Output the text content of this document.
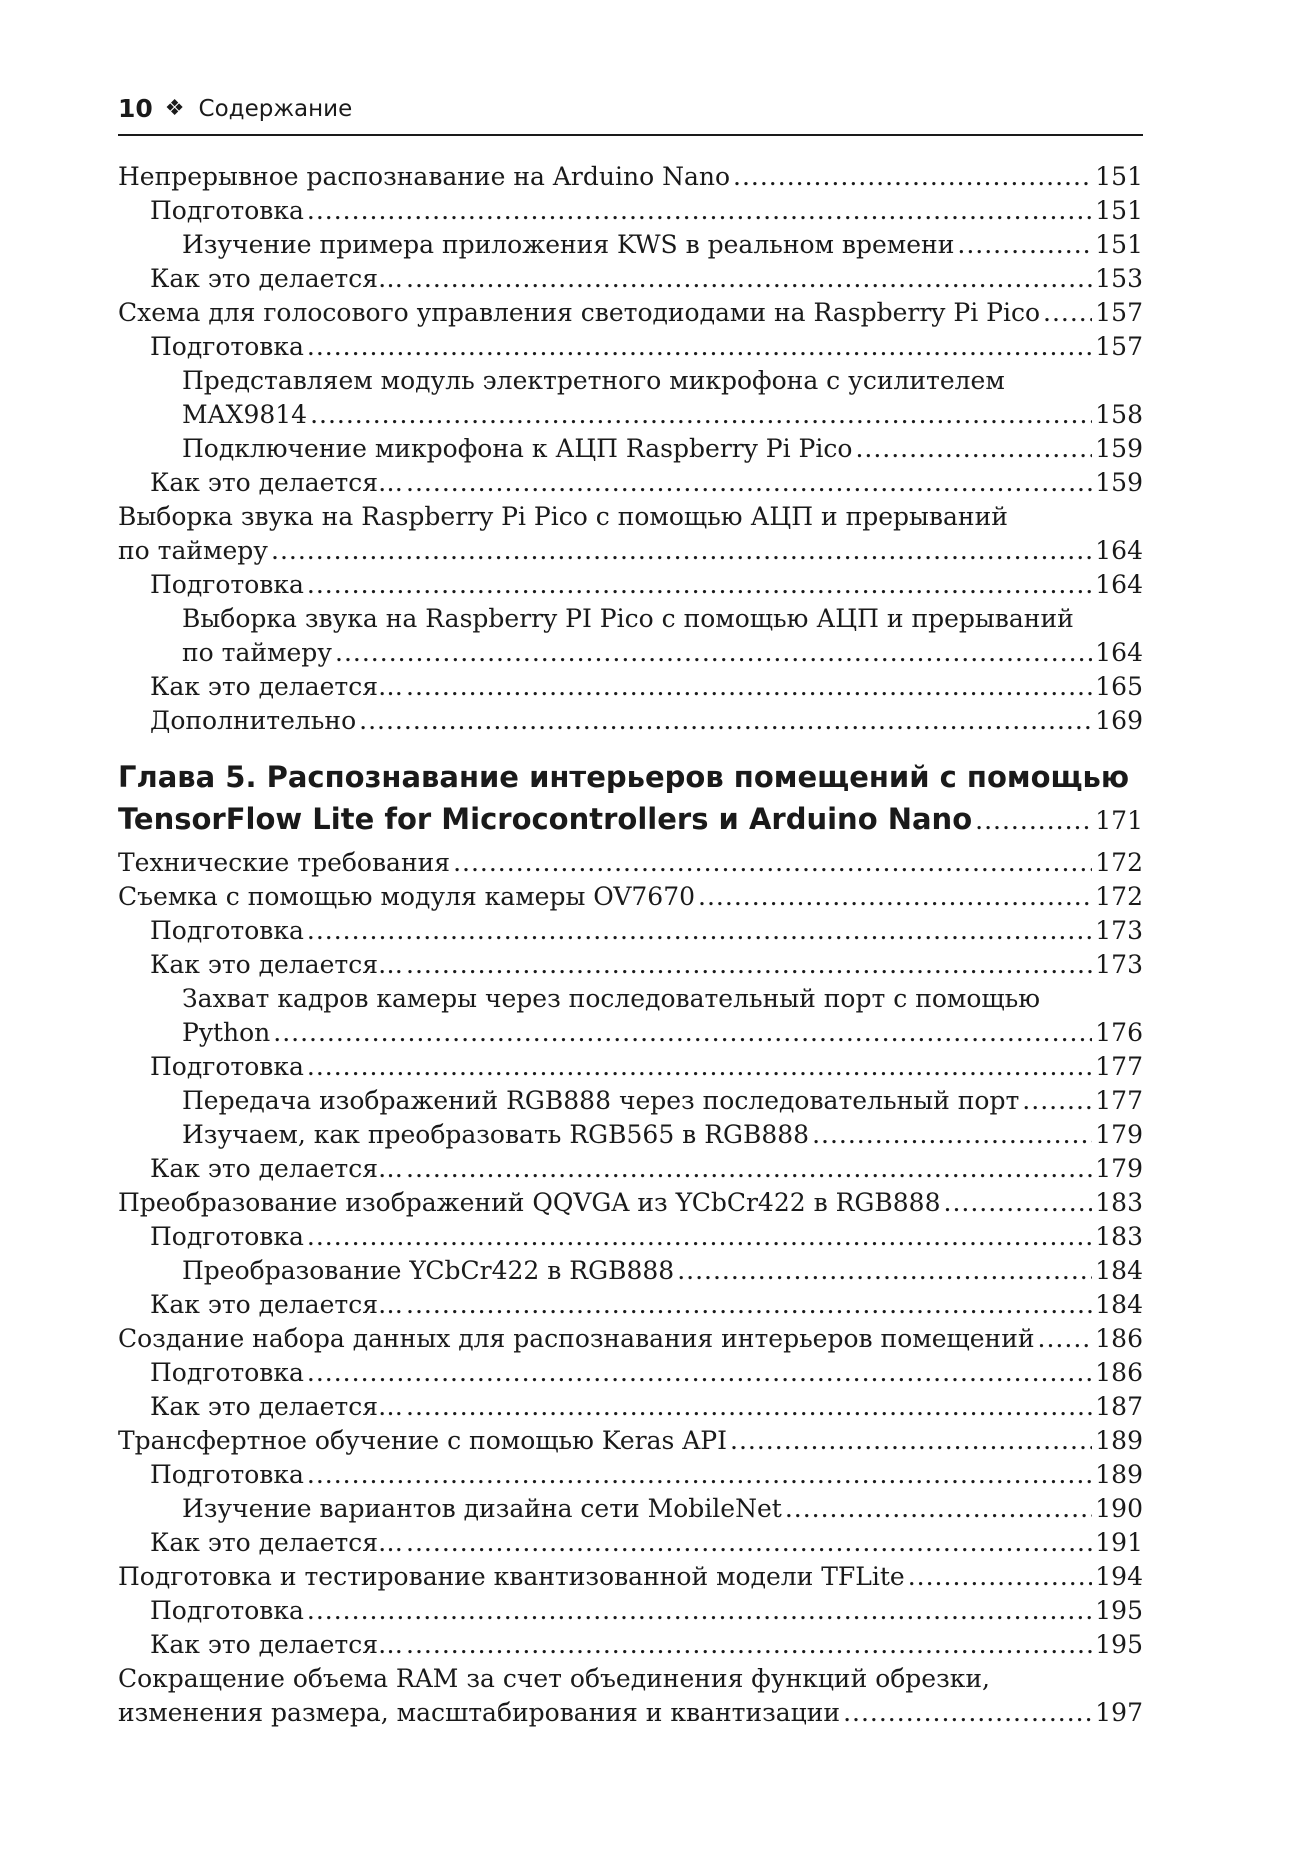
10 ❖ Содержание
Непрерывное распознавание на Arduino Nano .....	151
Подготовка .....	151
Изучение примера приложения KWS в реальном времени .....	151
Как это делается… .....	153
Схема для голосового управления светодиодами на Raspberry Pi Pico ..... 157
Подготовка .....	157
Представляем модуль электретного микрофона с усилителем
MAX9814 .....	158
Подключение микрофона к АЦП Raspberry Pi Pico .....	159
Как это делается… .....	159
Выборка звука на Raspberry Pi Pico с помощью АЦП и прерываний
по таймеру .....	164
Подготовка .....	164
Выборка звука на Raspberry PI Pico с помощью АЦП и прерываний
по таймеру .....	164
Как это делается… .....	165
Дополнительно .....	169
Глава 5. Распознавание интерьеров помещений с помощью
TensorFlow Lite for Microcontrollers и Arduino Nano .....	171
Технические требования .....	172
Съемка с помощью модуля камеры OV7670 .....	172
Подготовка .....	173
Как это делается… .....	173
Захват кадров камеры через последовательный порт с помощью
Python .....	176
Подготовка .....	177
Передача изображений RGB888 через последовательный порт .....	177
Изучаем, как преобразовать RGB565 в RGB888 .....	179
Как это делается… .....	179
Преобразование изображений QQVGA из YCbCr422 в RGB888 .....	183
Подготовка .....	183
Преобразование YCbCr422 в RGB888 .....	184
Как это делается… .....	184
Создание набора данных для распознавания интерьеров помещений ..... 186
Подготовка .....	186
Как это делается… .....	187
Трансфертное обучение с помощью Keras API .....	189
Подготовка .....	189
Изучение вариантов дизайна сети MobileNet .....	190
Как это делается… .....	191
Подготовка и тестирование квантизованной модели TFLite .....	194
Подготовка .....	195
Как это делается… .....	195
Сокращение объема RAM за счет объединения функций обрезки,
изменения размера, масштабирования и квантизации .....	197
